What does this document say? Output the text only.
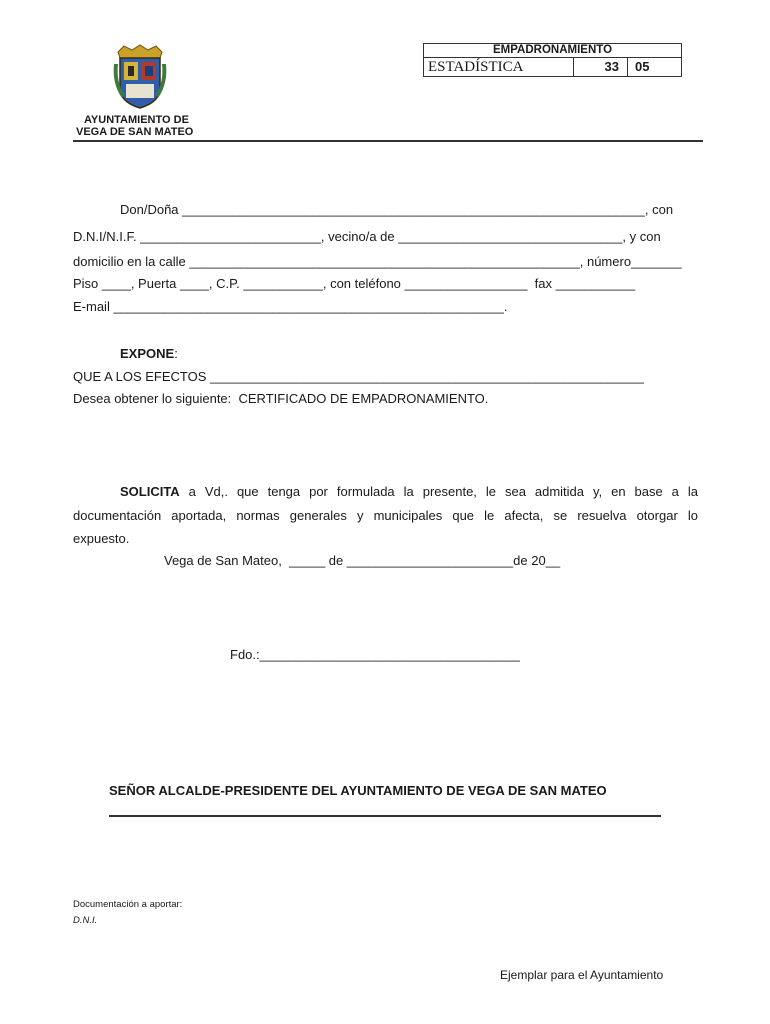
EMPADRONAMIENTO
ESTADÍSTICA	33	05
AYUNTAMIENTO DE
VEGA DE SAN MATEO
Don/Doña ________________________________________________________________, con
D.N.I/N.I.F. _________________________, vecino/a de _______________________________, y con
domicilio en la calle ______________________________________________________, número_______
Piso ____, Puerta ____, C.P. ___________, con teléfono _________________  fax ___________
E-mail ______________________________________________________.
EXPONE:
QUE A LOS EFECTOS ____________________________________________________________
Desea obtener lo siguiente:  CERTIFICADO DE EMPADRONAMIENTO.
SOLICITA a Vd,. que tenga por formulada la presente, le sea admitida y, en base a la
documentación aportada, normas generales y municipales que le afecta, se resuelva otorgar lo
expuesto.
Vega de San Mateo,  _____ de _______________________de 20__
Fdo.:____________________________________
SEÑOR ALCALDE-PRESIDENTE DEL AYUNTAMIENTO DE VEGA DE SAN MATEO
Documentación a aportar:
D.N.I.
Ejemplar para el Ayuntamiento
